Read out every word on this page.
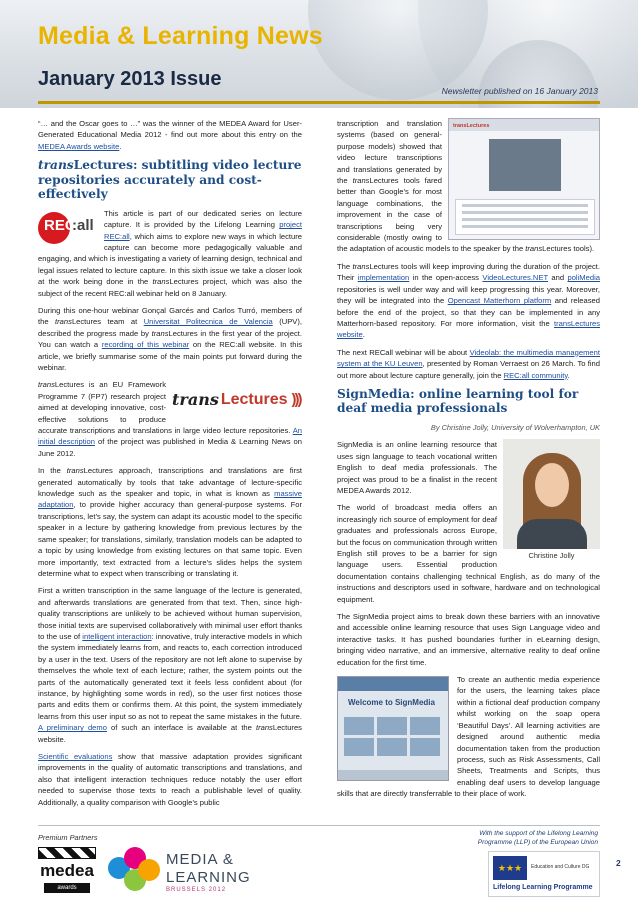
Media & Learning News
January 2013 Issue
Newsletter published on 16 January 2013

“… and the Oscar goes to …” was the winner of the MEDEA Award for User-Generated Educational Media 2012 - find out more about this entry on the MEDEA Awards website.

transLectures: subtitling video lecture repositories accurately and cost-effectively
REC
:all

This article is part of our dedicated series on lecture capture. It is provided by the Lifelong Learning project REC:all, which aims to explore new ways in which lecture capture can become more pedagogically valuable and engaging, and which is investigating a variety of learning design, technical and legal issues related to lecture capture. In this sixth issue we take a closer look at the work being done in the transLectures project, which was also the subject of the recent REC:all webinar held on 8 January.

During this one-hour webinar Gonçal Garcés and Carlos Turró, members of the transLectures team at Universitat Politecnica de Valencia (UPV), described the progress made by transLectures in the first year of the project. You can watch a recording of this webinar on the REC:all website. In this article, we briefly summarise some of the main points put forward during the webinar.

trans Lectures )))

transLectures is an EU Framework Programme 7 (FP7) research project aimed at developing innovative, cost-effective solutions to produce accurate transcriptions and translations in large video lecture repositories. An initial description of the project was published in Media & Learning News on June 2012.

In the transLectures approach, transcriptions and translations are first generated automatically by tools that take advantage of lecture-specific knowledge such as the speaker and topic, in what is known as massive adaptation, to provide higher accuracy than general-purpose systems. For transcriptions, let’s say, the system can adapt its acoustic model to the specific speaker in a lecture by gathering knowledge from previous lectures by the same speaker; for translations, similarly, translation models can be adapted to a topic by using knowledge from existing lectures on that same topic. Even more importantly, text extracted from a lecture’s slides helps the system determine what to expect when transcribing or translating it.

First a written transcription in the same language of the lecture is generated, and afterwards translations are generated from that text. Then, since high-quality transcriptions are unlikely to be achieved without human supervision, those initial texts are supervised collaboratively with minimal user effort thanks to the use of intelligent interaction: innovative, truly interactive models in which the system immediately learns from, and reacts to, each correction introduced by a user in the text. Users of the repository are not left alone to supervise by themselves the whole text of each lecture; rather, the system points out the parts of the automatically generated text it feels less confident about (for instance, by highlighting some words in red), so the user first notices those parts and edits them or confirms them. At this point, the system immediately learns from this user input so as not to repeat the same mistakes in the future. A preliminary demo of such an interface is available at the transLectures website.

Scientific evaluations show that massive adaptation provides significant improvements in the quality of automatic transcriptions and translations, and also that intelligent interaction techniques reduce notably the user effort needed to supervise those texts to reach a publishable level of quality. Additionally, a quality comparison with Google’s public

transLectures

transcription and translation systems (based on general-purpose models) showed that video lecture transcriptions and translations generated by the transLectures tools fared better than Google’s for most language combinations, the improvement in the case of transcriptions being very considerable (mostly owing to the adaptation of acoustic models to the speaker by the transLectures tools).

The transLectures tools will keep improving during the duration of the project. Their implementation in the open-access VideoLectures.NET and poliMedia repositories is well under way and will keep progressing this year. Moreover, they will be integrated into the Opencast Matterhorn platform and released before the end of the project, so that they can be implemented in any Matterhorn-based repository. For more information, visit the transLectures website.

The next RECall webinar will be about Videolab: the multimedia management system at the KU Leuven, presented by Roman Verraest on 26 March. To find out more about lecture capture generally, join the REC:all community.

SignMedia: online learning tool for deaf media professionals
By Christine Jolly, University of Wolverhampton, UK
Christine Jolly

SignMedia is an online learning resource that uses sign language to teach vocational written English to deaf media professionals. The project was proud to be a finalist in the recent MEDEA Awards 2012.

The world of broadcast media offers an increasingly rich source of employment for deaf graduates and professionals across Europe, but the focus on communication through written English still proves to be a barrier for sign language users. Essential production documentation contains challenging technical English, as do many of the instructions and descriptors used in software, hardware and on technological equipment.

The SignMedia project aims to break down these barriers with an innovative and accessible online learning resource that uses Sign Language video and interactive tasks. It has pushed boundaries further in eLearning design, bringing video narrative, and an immersive, alternative reality to deaf online education for the first time.

Welcome to SignMedia

To create an authentic media experience for the users, the learning takes place within a fictional deaf production company whilst working on the soap opera ‘Beautiful Days’. All learning activities are designed around authentic media documentation taken from the production process, such as Risk Assessments, Call Sheets, Treatments and Scripts, thus enabling deaf users to develop language skills that are directly transferrable to their place of work.

Premium Partners	With the support of the Lifelong Learning Programme (LLP) of the European Union
medea
awards
MEDIA &
LEARNING
BRUSSELS 2012
★★★	Education and Culture DG
Lifelong Learning Programme
2
